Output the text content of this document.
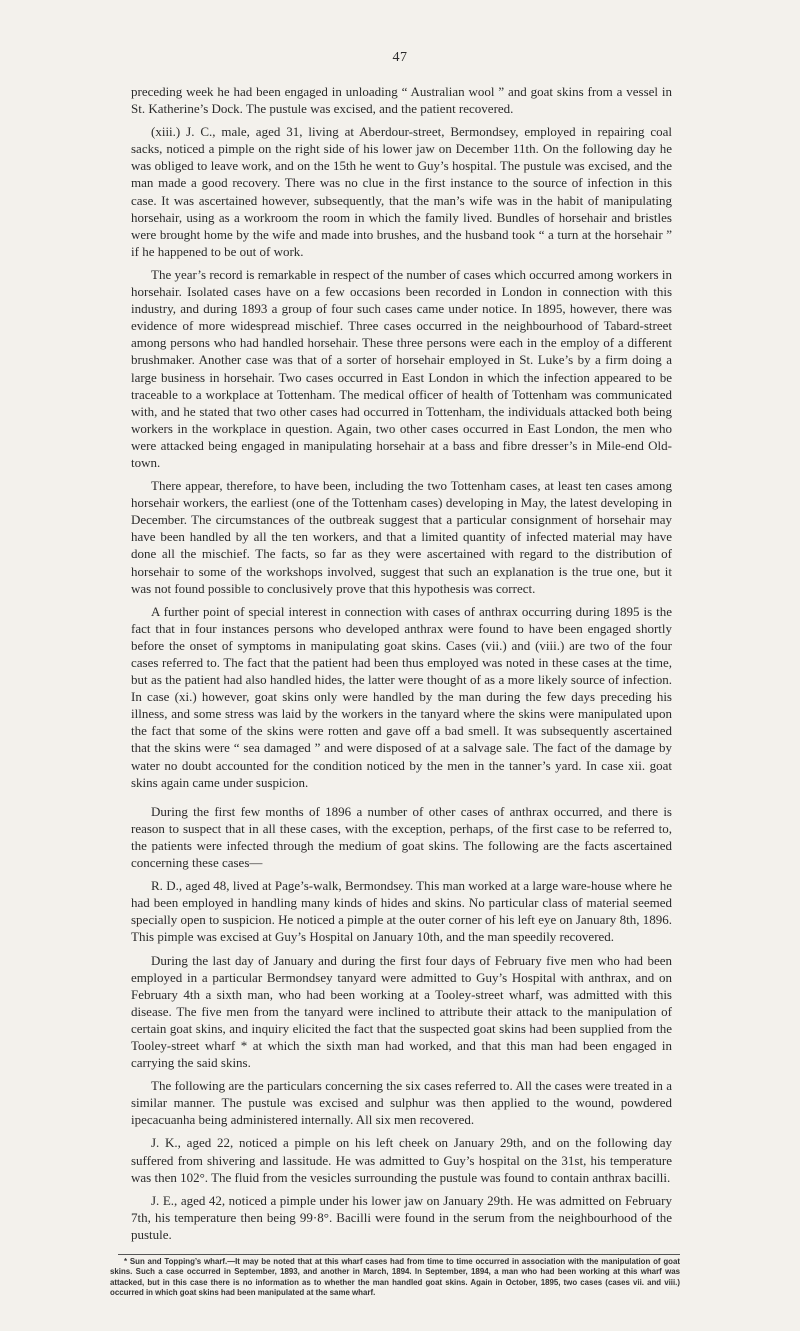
47

preceding week he had been engaged in unloading “ Australian wool ” and goat skins from a vessel in St. Katherine’s Dock. The pustule was excised, and the patient recovered.

(xiii.) J. C., male, aged 31, living at Aberdour-street, Bermondsey, employed in repairing coal sacks, noticed a pimple on the right side of his lower jaw on December 11th. On the following day he was obliged to leave work, and on the 15th he went to Guy’s hospital. The pustule was excised, and the man made a good recovery. There was no clue in the first instance to the source of infection in this case. It was ascertained however, subsequently, that the man’s wife was in the habit of manipulating horsehair, using as a workroom the room in which the family lived. Bundles of horsehair and bristles were brought home by the wife and made into brushes, and the husband took “ a turn at the horsehair ” if he happened to be out of work.

The year’s record is remarkable in respect of the number of cases which occurred among workers in horsehair. Isolated cases have on a few occasions been recorded in London in connection with this industry, and during 1893 a group of four such cases came under notice. In 1895, however, there was evidence of more widespread mischief. Three cases occurred in the neighbourhood of Tabard-street among persons who had handled horsehair. These three persons were each in the employ of a different brushmaker. Another case was that of a sorter of horsehair employed in St. Luke’s by a firm doing a large business in horsehair. Two cases occurred in East London in which the infection appeared to be traceable to a workplace at Tottenham. The medical officer of health of Tottenham was communicated with, and he stated that two other cases had occurred in Tottenham, the individuals attacked both being workers in the workplace in question. Again, two other cases occurred in East London, the men who were attacked being engaged in manipulating horsehair at a bass and fibre dresser’s in Mile-end Old-town.

There appear, therefore, to have been, including the two Tottenham cases, at least ten cases among horsehair workers, the earliest (one of the Tottenham cases) developing in May, the latest developing in December. The circumstances of the outbreak suggest that a particular consignment of horsehair may have been handled by all the ten workers, and that a limited quantity of infected material may have done all the mischief. The facts, so far as they were ascertained with regard to the distribution of horsehair to some of the workshops involved, suggest that such an explanation is the true one, but it was not found possible to conclusively prove that this hypothesis was correct.

A further point of special interest in connection with cases of anthrax occurring during 1895 is the fact that in four instances persons who developed anthrax were found to have been engaged shortly before the onset of symptoms in manipulating goat skins. Cases (vii.) and (viii.) are two of the four cases referred to. The fact that the patient had been thus employed was noted in these cases at the time, but as the patient had also handled hides, the latter were thought of as a more likely source of infection. In case (xi.) however, goat skins only were handled by the man during the few days preceding his illness, and some stress was laid by the workers in the tanyard where the skins were manipulated upon the fact that some of the skins were rotten and gave off a bad smell. It was subsequently ascertained that the skins were “ sea damaged ” and were disposed of at a salvage sale. The fact of the damage by water no doubt accounted for the condition noticed by the men in the tanner’s yard. In case xii. goat skins again came under suspicion.

During the first few months of 1896 a number of other cases of anthrax occurred, and there is reason to suspect that in all these cases, with the exception, perhaps, of the first case to be referred to, the patients were infected through the medium of goat skins. The following are the facts ascertained concerning these cases—

R. D., aged 48, lived at Page’s-walk, Bermondsey. This man worked at a large ware-house where he had been employed in handling many kinds of hides and skins. No particular class of material seemed specially open to suspicion. He noticed a pimple at the outer corner of his left eye on January 8th, 1896. This pimple was excised at Guy’s Hospital on January 10th, and the man speedily recovered.

During the last day of January and during the first four days of February five men who had been employed in a particular Bermondsey tanyard were admitted to Guy’s Hospital with anthrax, and on February 4th a sixth man, who had been working at a Tooley-street wharf, was admitted with this disease. The five men from the tanyard were inclined to attribute their attack to the manipulation of certain goat skins, and inquiry elicited the fact that the suspected goat skins had been supplied from the Tooley-street wharf * at which the sixth man had worked, and that this man had been engaged in carrying the said skins.

The following are the particulars concerning the six cases referred to. All the cases were treated in a similar manner. The pustule was excised and sulphur was then applied to the wound, powdered ipecacuanha being administered internally. All six men recovered.

J. K., aged 22, noticed a pimple on his left cheek on January 29th, and on the following day suffered from shivering and lassitude. He was admitted to Guy’s hospital on the 31st, his temperature was then 102°. The fluid from the vesicles surrounding the pustule was found to contain anthrax bacilli.

J. E., aged 42, noticed a pimple under his lower jaw on January 29th. He was admitted on February 7th, his temperature then being 99·8°. Bacilli were found in the serum from the neighbourhood of the pustule.

* Sun and Topping’s wharf.—It may be noted that at this wharf cases had from time to time occurred in association with the manipulation of goat skins. Such a case occurred in September, 1893, and another in March, 1894. In September, 1894, a man who had been working at this wharf was attacked, but in this case there is no information as to whether the man handled goat skins. Again in October, 1895, two cases (cases vii. and viii.) occurred in which goat skins had been manipulated at the same wharf.
